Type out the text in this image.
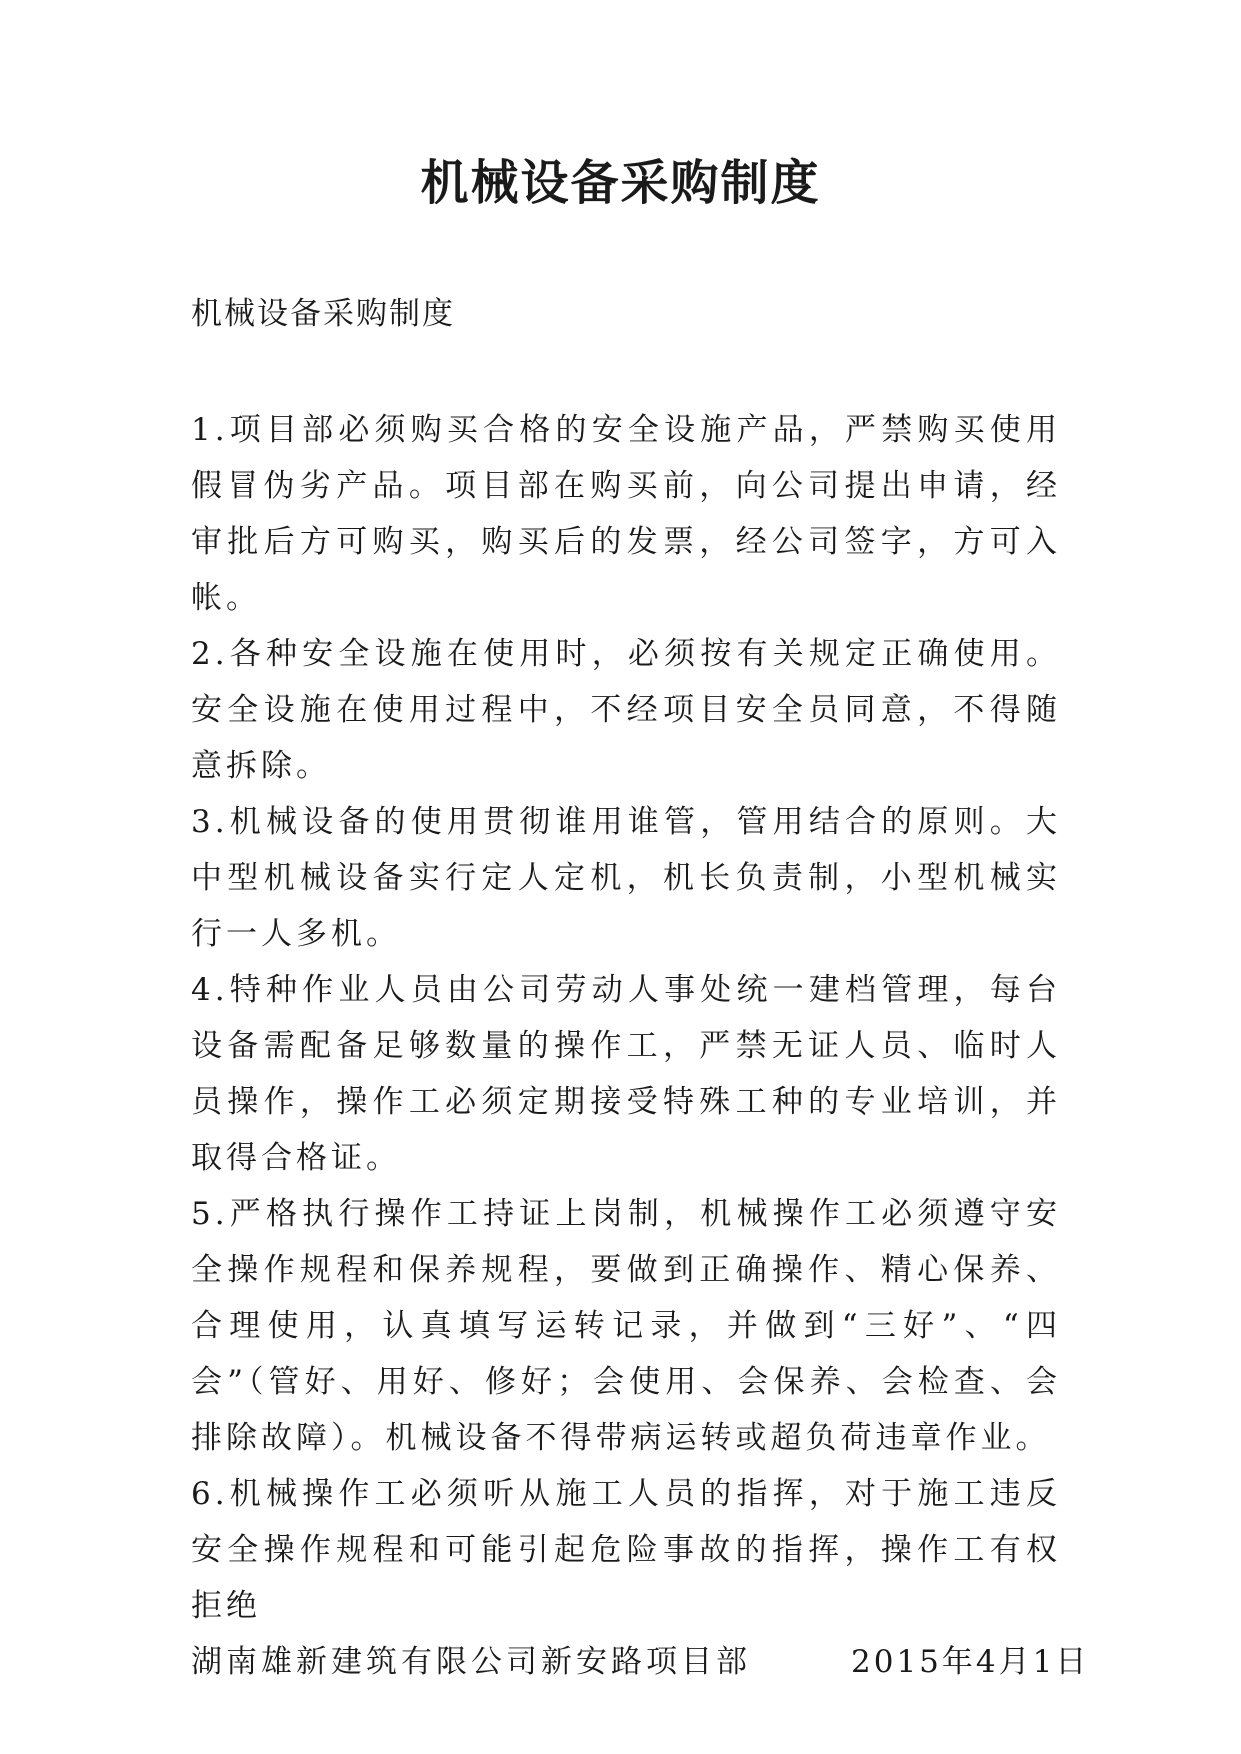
机械设备采购制度
机械设备采购制度

1.项目部必须购买合格的安全设施产品，严禁购买使用假冒伪劣产品。项目部在购买前，向公司提出申请，经审批后方可购买，购买后的发票，经公司签字，方可入帐。

2.各种安全设施在使用时，必须按有关规定正确使用。安全设施在使用过程中，不经项目安全员同意，不得随意拆除。

3.机械设备的使用贯彻谁用谁管，管用结合的原则。大中型机械设备实行定人定机，机长负责制，小型机械实行一人多机。

4.特种作业人员由公司劳动人事处统一建档管理，每台设备需配备足够数量的操作工，严禁无证人员、临时人员操作，操作工必须定期接受特殊工种的专业培训，并取得合格证。

5.严格执行操作工持证上岗制，机械操作工必须遵守安全操作规程和保养规程，要做到正确操作、精心保养、合理使用，认真填写运转记录，并做到“三好”、“四会”（管好、用好、修好；会使用、会保养、会检查、会排除故障）。机械设备不得带病运转或超负荷违章作业。

6.机械操作工必须听从施工人员的指挥，对于施工违反安全操作规程和可能引起危险事故的指挥，操作工有权拒绝

湖南雄新建筑有限公司新安路项目部	2015年4月1日
